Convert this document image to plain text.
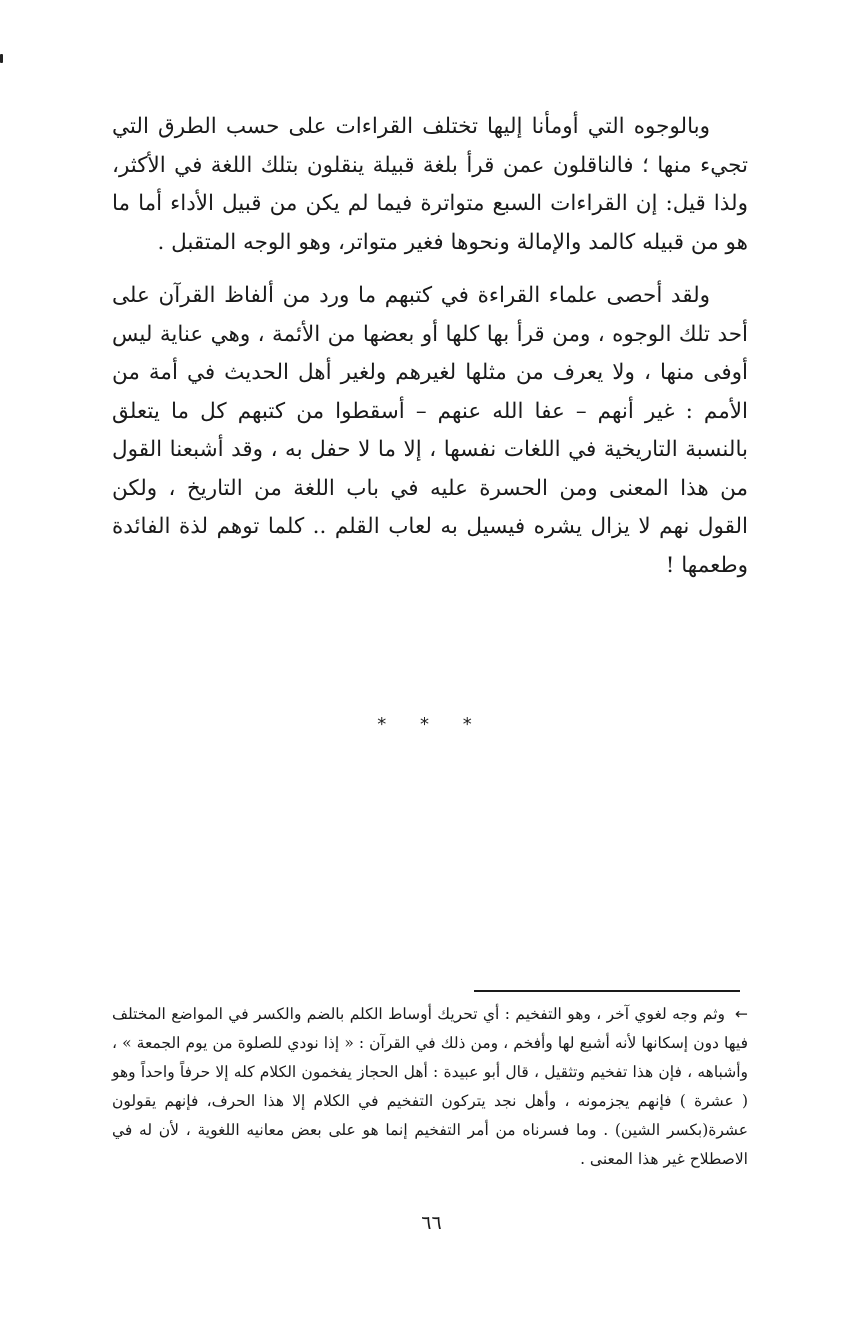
وبالوجوه التي أومأنا إليها تختلف القراءات على حسب الطرق التي تجيء منها ؛ فالناقلون عمن قرأ بلغة قبيلة ينقلون بتلك اللغة في الأكثر، ولذا قيل: إن القراءات السبع متواترة فيما لم يكن من قبيل الأداء أما ما هو من قبيله كالمد والإمالة ونحوها فغير متواتر، وهو الوجه المتقبل .

ولقد أحصى علماء القراءة في كتبهم ما ورد من ألفاظ القرآن على أحد تلك الوجوه ، ومن قرأ بها كلها أو بعضها من الأئمة ، وهي عناية ليس أوفى منها ، ولا يعرف من مثلها لغيرهم ولغير أهل الحديث في أمة من الأمم : غير أنهم – عفا الله عنهم – أسقطوا من كتبهم كل ما يتعلق بالنسبة التاريخية في اللغات نفسها ، إلا ما لا حفل به ، وقد أشبعنا القول من هذا المعنى ومن الحسرة عليه في باب اللغة من التاريخ ، ولكن القول نهم لا يزال يشره فيسيل به لعاب القلم .. كلما توهم لذة الفائدة وطعمها !

* * *

←وثم وجه لغوي آخر ، وهو التفخيم : أي تحريك أوساط الكلم بالضم والكسر في المواضع المختلف فيها دون إسكانها لأنه أشبع لها وأفخم ، ومن ذلك في القرآن : « إذا نودي للصلوة من يوم الجمعة » ، وأشباهه ، فإن هذا تفخيم وتثقيل ، قال أبو عبيدة : أهل الحجاز يفخمون الكلام كله إلا حرفاً واحداً وهو ( عشرة ) فإنهم يجزمونه ، وأهل نجد يتركون التفخيم في الكلام إلا هذا الحرف، فإنهم يقولون عشرة(بكسر الشين) . وما فسرناه من أمر التفخيم إنما هو على بعض معانيه اللغوية ، لأن له في الاصطلاح غير هذا المعنى .

٦٦
